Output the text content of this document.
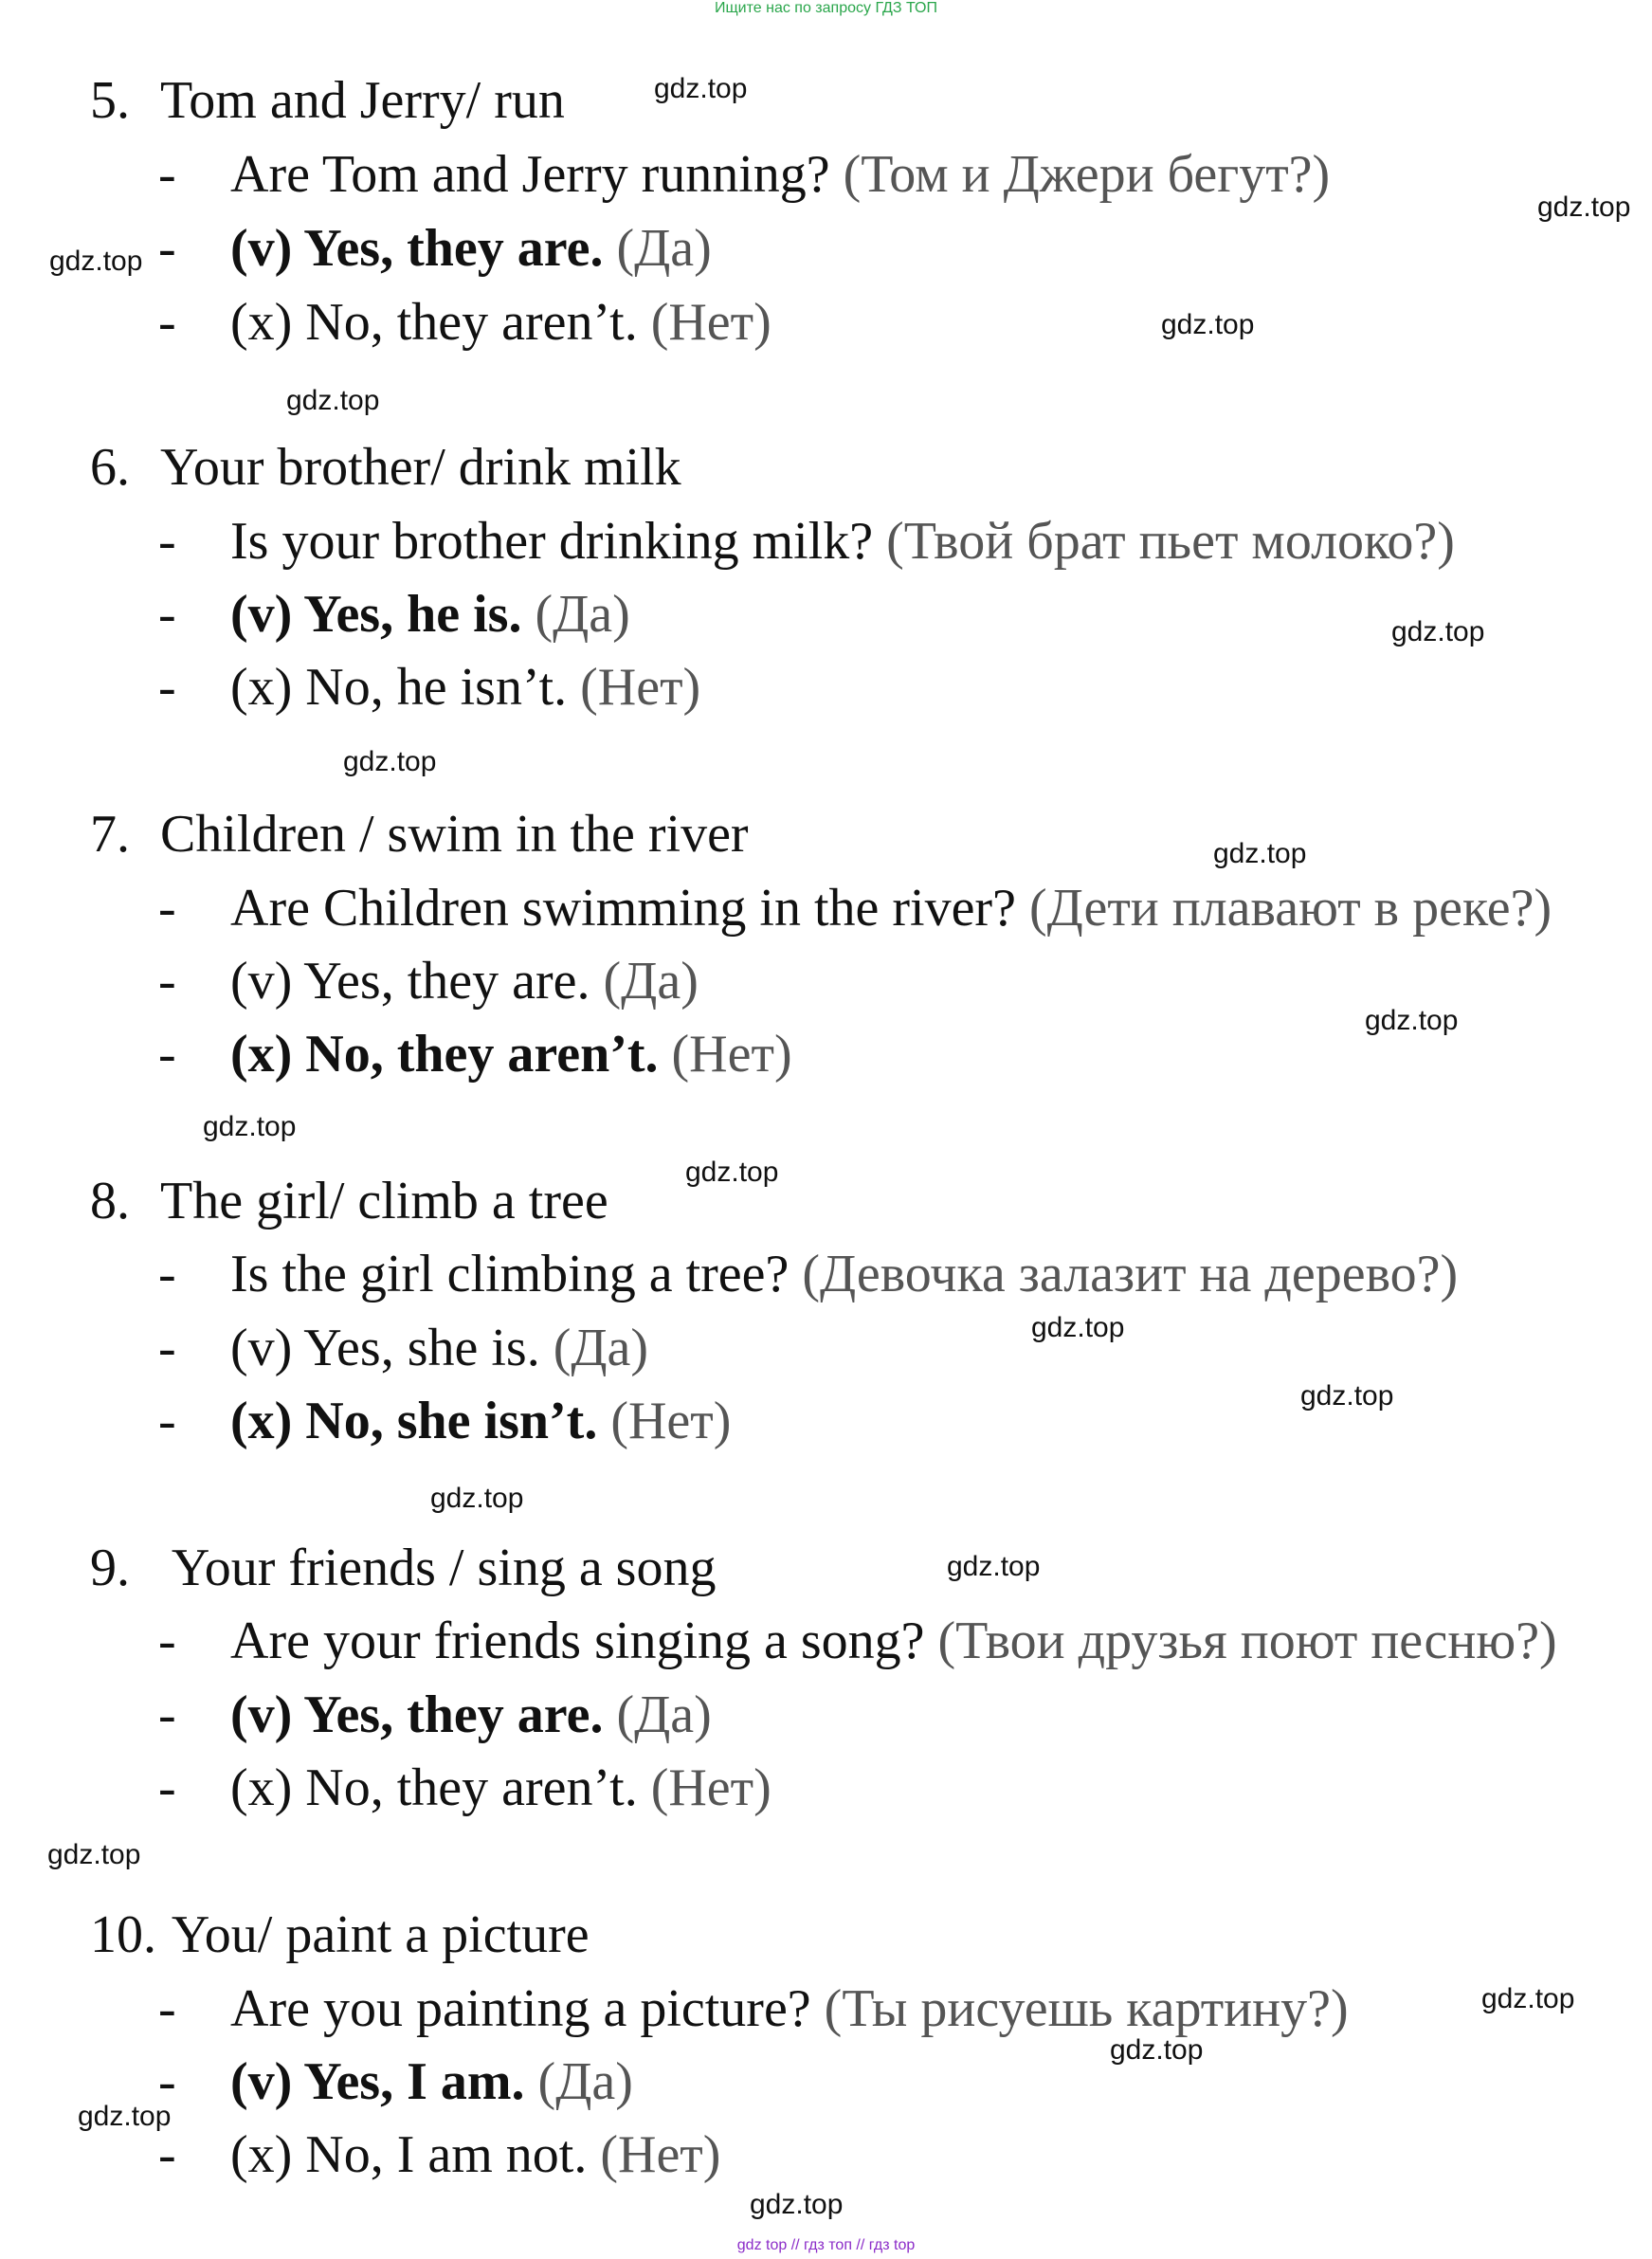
Ищите нас по запросу ГДЗ ТОП
5. Tom and Jerry/ run
- Are Tom and Jerry running? (Том и Джери бегут?)
- (v) Yes, they are. (Да)
- (x) No, they aren’t. (Нет)
6. Your brother/ drink milk
- Is your brother drinking milk? (Твой брат пьет молоко?)
- (v) Yes, he is. (Да)
- (x) No, he isn’t. (Нет)
7. Children / swim in the river
- Are Children swimming in the river? (Дети плавают в реке?)
- (v) Yes, they are. (Да)
- (x) No, they aren’t. (Нет)
8. The girl/ climb a tree
- Is the girl climbing a tree? (Девочка залазит на дерево?)
- (v) Yes, she is. (Да)
- (x) No, she isn’t. (Нет)
9. Your friends / sing a song
- Are your friends singing a song? (Твои друзья поют песню?)
- (v) Yes, they are. (Да)
- (x) No, they aren’t. (Нет)
10. You/ paint a picture
- Are you painting a picture? (Ты рисуешь картину?)
- (v) Yes, I am. (Да)
- (x) No, I am not. (Нет)
gdz.top
gdz.top
gdz.top
gdz.top
gdz.top
gdz.top
gdz.top
gdz.top
gdz.top
gdz.top
gdz.top
gdz.top
gdz.top
gdz.top
gdz.top
gdz.top
gdz.top
gdz.top
gdz.top
gdz.top
gdz top // гдз топ // гдз top
